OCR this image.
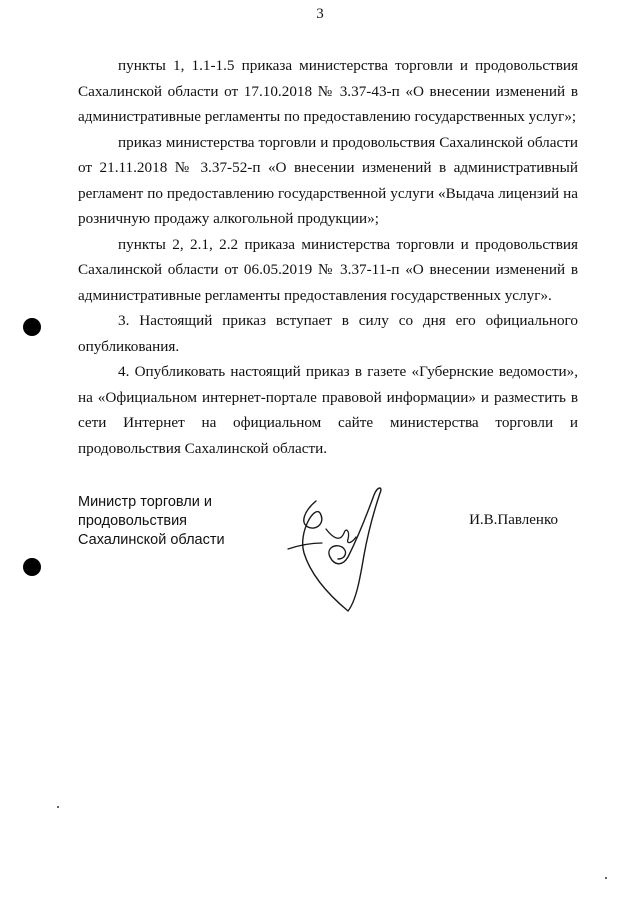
3

пункты 1, 1.1-1.5 приказа министерства торговли и продовольствия Сахалинской области от 17.10.2018 № 3.37-43-п «О внесении изменений в административные регламенты по предоставлению государственных услуг»;

приказ министерства торговли и продовольствия Сахалинской области от 21.11.2018 № 3.37-52-п «О внесении изменений в административный регламент по предоставлению государственной услуги «Выдача лицензий на розничную продажу алкогольной продукции»;

пункты 2, 2.1, 2.2 приказа министерства торговли и продовольствия Сахалинской области от 06.05.2019 № 3.37-11-п «О внесении изменений в административные регламенты предоставления государственных услуг».

3. Настоящий приказ вступает в силу со дня его официального опубликования.

4. Опубликовать настоящий приказ в газете «Губернские ведомости», на «Официальном интернет-портале правовой информации» и разместить в сети Интернет на официальном сайте министерства торговли и продовольствия Сахалинской области.

Министр торговли и
продовольствия
Сахалинской области
И.В.Павленко
